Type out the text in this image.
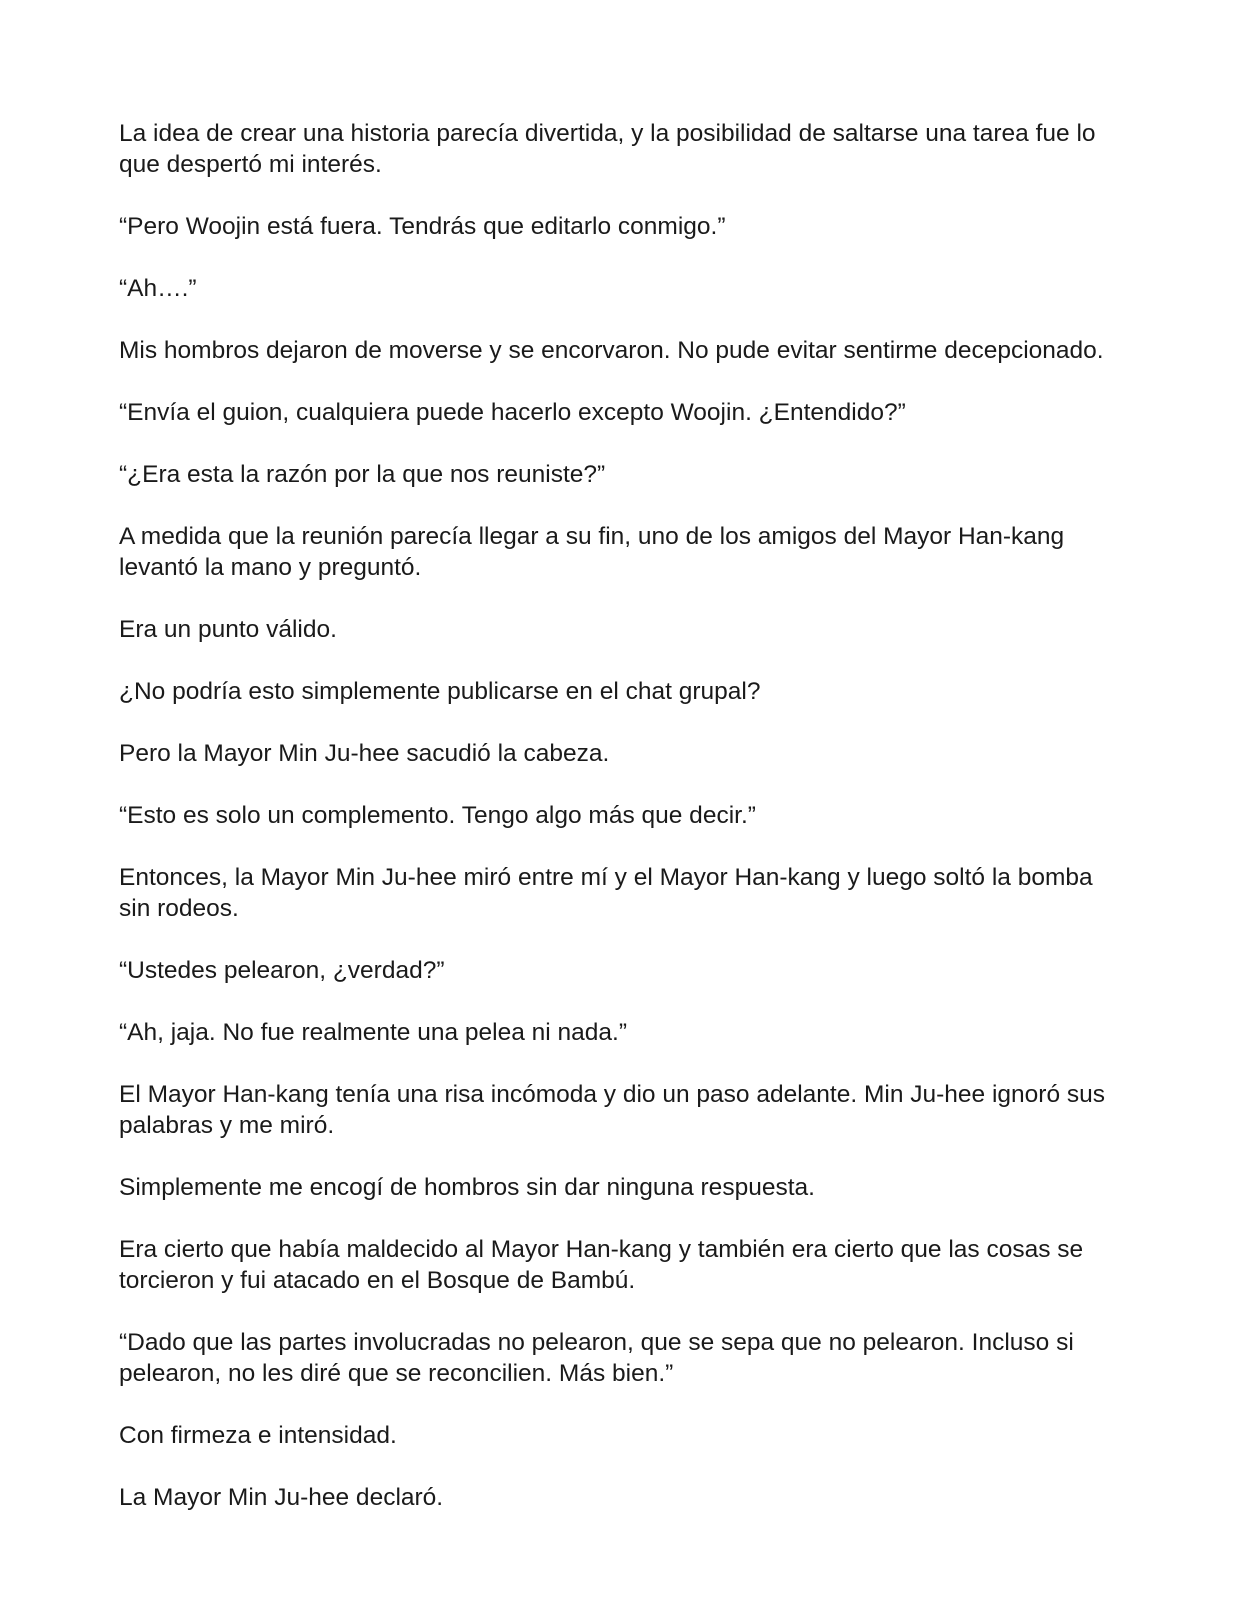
La idea de crear una historia parecía divertida, y la posibilidad de saltarse una tarea fue lo que despertó mi interés.

“Pero Woojin está fuera. Tendrás que editarlo conmigo.”

“Ah….”

Mis hombros dejaron de moverse y se encorvaron. No pude evitar sentirme decepcionado.

“Envía el guion, cualquiera puede hacerlo excepto Woojin. ¿Entendido?”

“¿Era esta la razón por la que nos reuniste?”

A medida que la reunión parecía llegar a su fin, uno de los amigos del Mayor Han-kang levantó la mano y preguntó.

Era un punto válido.

¿No podría esto simplemente publicarse en el chat grupal?

Pero la Mayor Min Ju-hee sacudió la cabeza.

“Esto es solo un complemento. Tengo algo más que decir.”

Entonces, la Mayor Min Ju-hee miró entre mí y el Mayor Han-kang y luego soltó la bomba sin rodeos.

“Ustedes pelearon, ¿verdad?”

“Ah, jaja. No fue realmente una pelea ni nada.”

El Mayor Han-kang tenía una risa incómoda y dio un paso adelante. Min Ju-hee ignoró sus palabras y me miró.

Simplemente me encogí de hombros sin dar ninguna respuesta.

Era cierto que había maldecido al Mayor Han-kang y también era cierto que las cosas se torcieron y fui atacado en el Bosque de Bambú.

“Dado que las partes involucradas no pelearon, que se sepa que no pelearon. Incluso si pelearon, no les diré que se reconcilien. Más bien.”

Con firmeza e intensidad.

La Mayor Min Ju-hee declaró.
